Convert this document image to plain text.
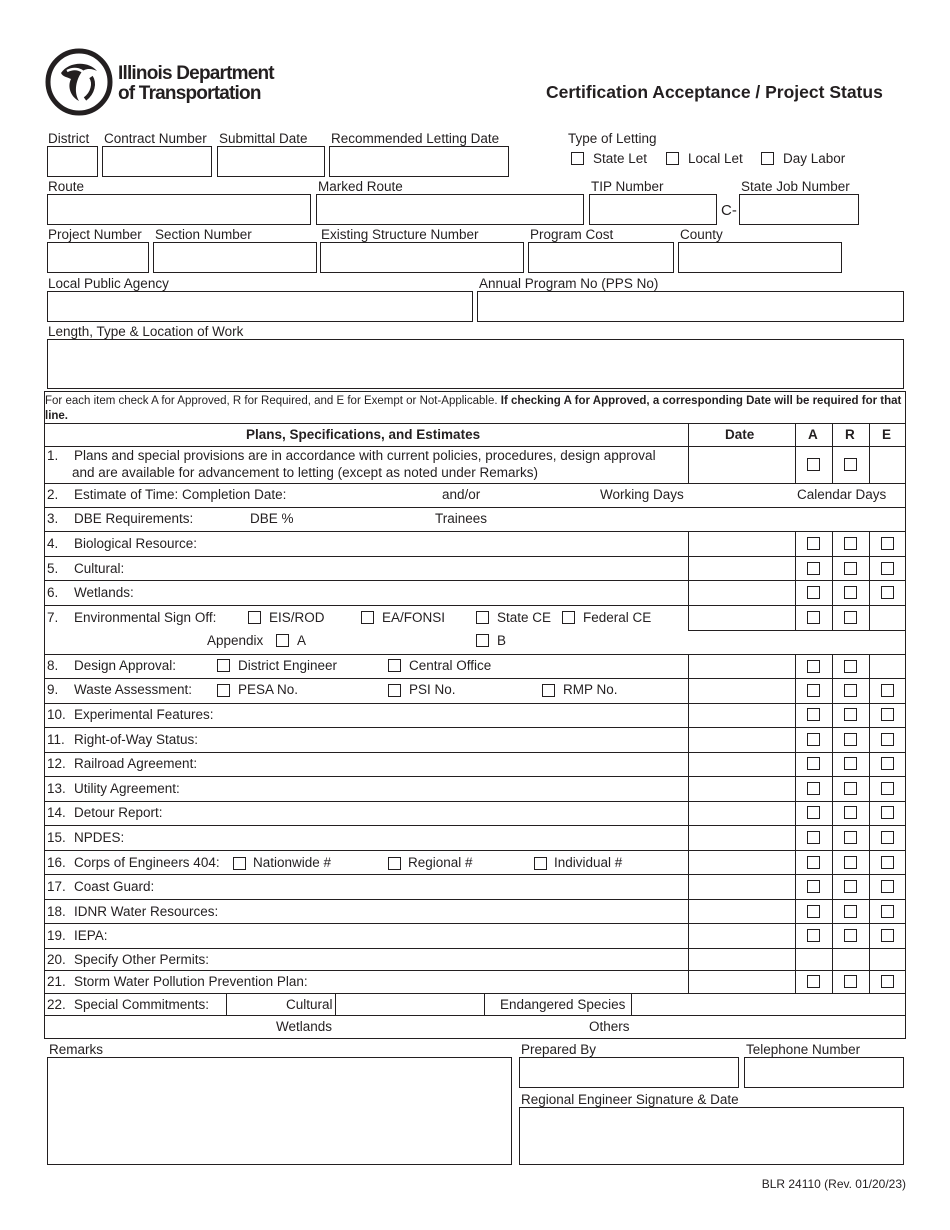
Illinois Department
of Transportation	Certification Acceptance / Project Status
District Contract Number Submittal Date Recommended Letting Date	Type of Letting
State Let	Local Let	Day Labor
Route	Marked Route	TIP Number	State Job Number
C-
Project Number Section Number	Existing Structure Number	Program Cost	County
Local Public Agency	Annual Program No (PPS No)
Length, Type & Location of Work
For each item check A for Approved, R for Required, and E for Exempt or Not-Applicable. If checking A for Approved, a corresponding Date will be required for that line.
Plans, Specifications, and Estimates	Date	A R E
1. Plans and special provisions are in accordance with current policies, procedures, design approval
and are available for advancement to letting (except as noted under Remarks)
2. Estimate of Time: Completion Date:	and/or	Working Days	Calendar Days
3. DBE Requirements:	DBE %	Trainees
4. Biological Resource:
5. Cultural:
6. Wetlands:
7. Environmental Sign Off:	EIS/ROD	EA/FONSI	State CE Federal CE
Appendix A	B
8. Design Approval:	District Engineer	Central Office
9. Waste Assessment:	PESA No.	PSI No.	RMP No.
10. Experimental Features:
11. Right-of-Way Status:
12. Railroad Agreement:
13. Utility Agreement:
14. Detour Report:
15. NPDES:
16. Corps of Engineers 404: Nationwide #	Regional #	Individual #
17. Coast Guard:
18. IDNR Water Resources:
19. IEPA:
20. Specify Other Permits:
21. Storm Water Pollution Prevention Plan:
22. Special Commitments:	Cultural	Endangered Species
Wetlands	Others
Remarks	Prepared By	Telephone Number
Regional Engineer Signature & Date
BLR 24110 (Rev. 01/20/23)
